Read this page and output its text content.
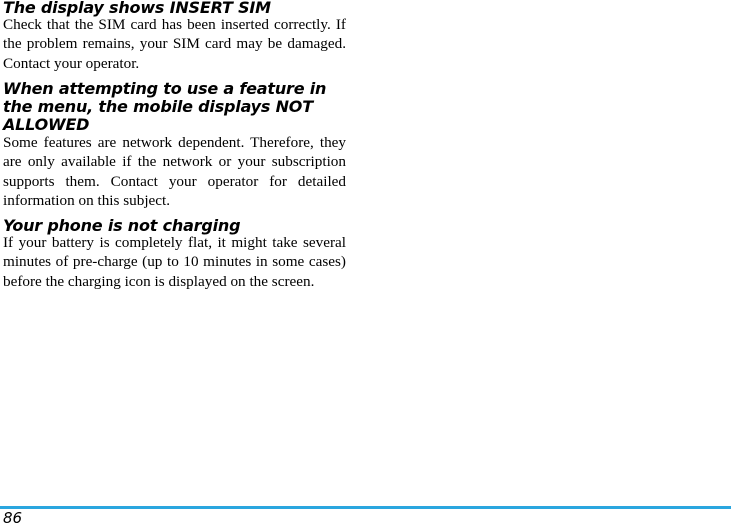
The display shows INSERT SIM

Check that the SIM card has been inserted correctly. If the problem remains, your SIM card may be damaged. Contact your operator.

When attempting to use a feature in the menu, the mobile displays NOT ALLOWED

Some features are network dependent. Therefore, they are only available if the network or your subscription supports them. Contact your operator for detailed information on this subject.

Your phone is not charging

If your battery is completely flat, it might take several minutes of pre-charge (up to 10 minutes in some cases) before the charging icon is displayed on the screen.

86
